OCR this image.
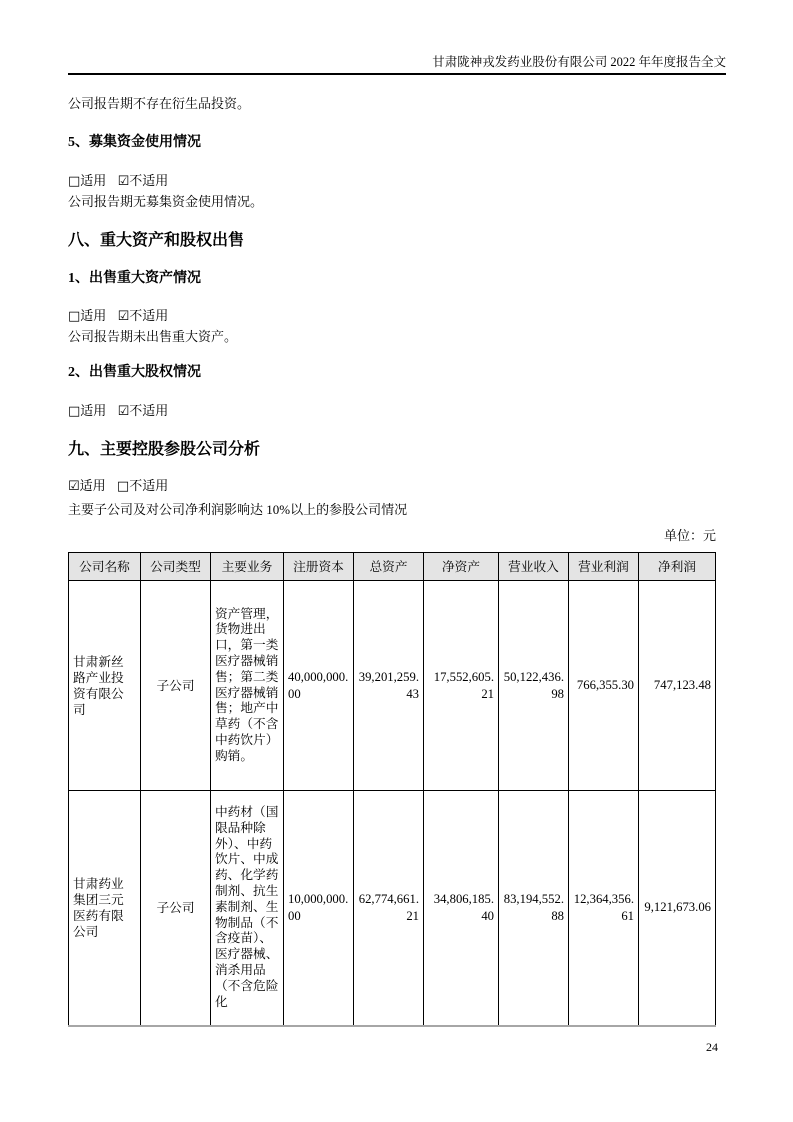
甘肃陇神戎发药业股份有限公司 2022 年年度报告全文

公司报告期不存在衍生品投资。

5、募集资金使用情况

□适用 ☑不适用

公司报告期无募集资金使用情况。

八、重大资产和股权出售
1、出售重大资产情况

□适用 ☑不适用

公司报告期未出售重大资产。

2、出售重大股权情况

□适用 ☑不适用

九、主要控股参股公司分析

☑适用 □不适用

主要子公司及对公司净利润影响达 10%以上的参股公司情况

单位：元

公司名称	公司类型	主要业务	注册资本	总资产	净资产	营业收入	营业利润	净利润

甘肃新丝路产业投资有限公司	子公司	资产管理，货物进出口，第一类医疗器械销售；第二类医疗器械销售；地产中草药（不含中药饮片）购销。	40,000,000.00	39,201,259.43	17,552,605.21	50,122,436.98	766,355.30	747,123.48

甘肃药业集团三元医药有限公司	子公司	中药材（国限品种除外）、中药饮片、中成药、化学药制剂、抗生素制剂、生物制品（不含疫苗）、医疗器械、消杀用品（不含危险化	10,000,000.00	62,774,661.21	34,806,185.40	83,194,552.88	12,364,356.61	9,121,673.06
24
